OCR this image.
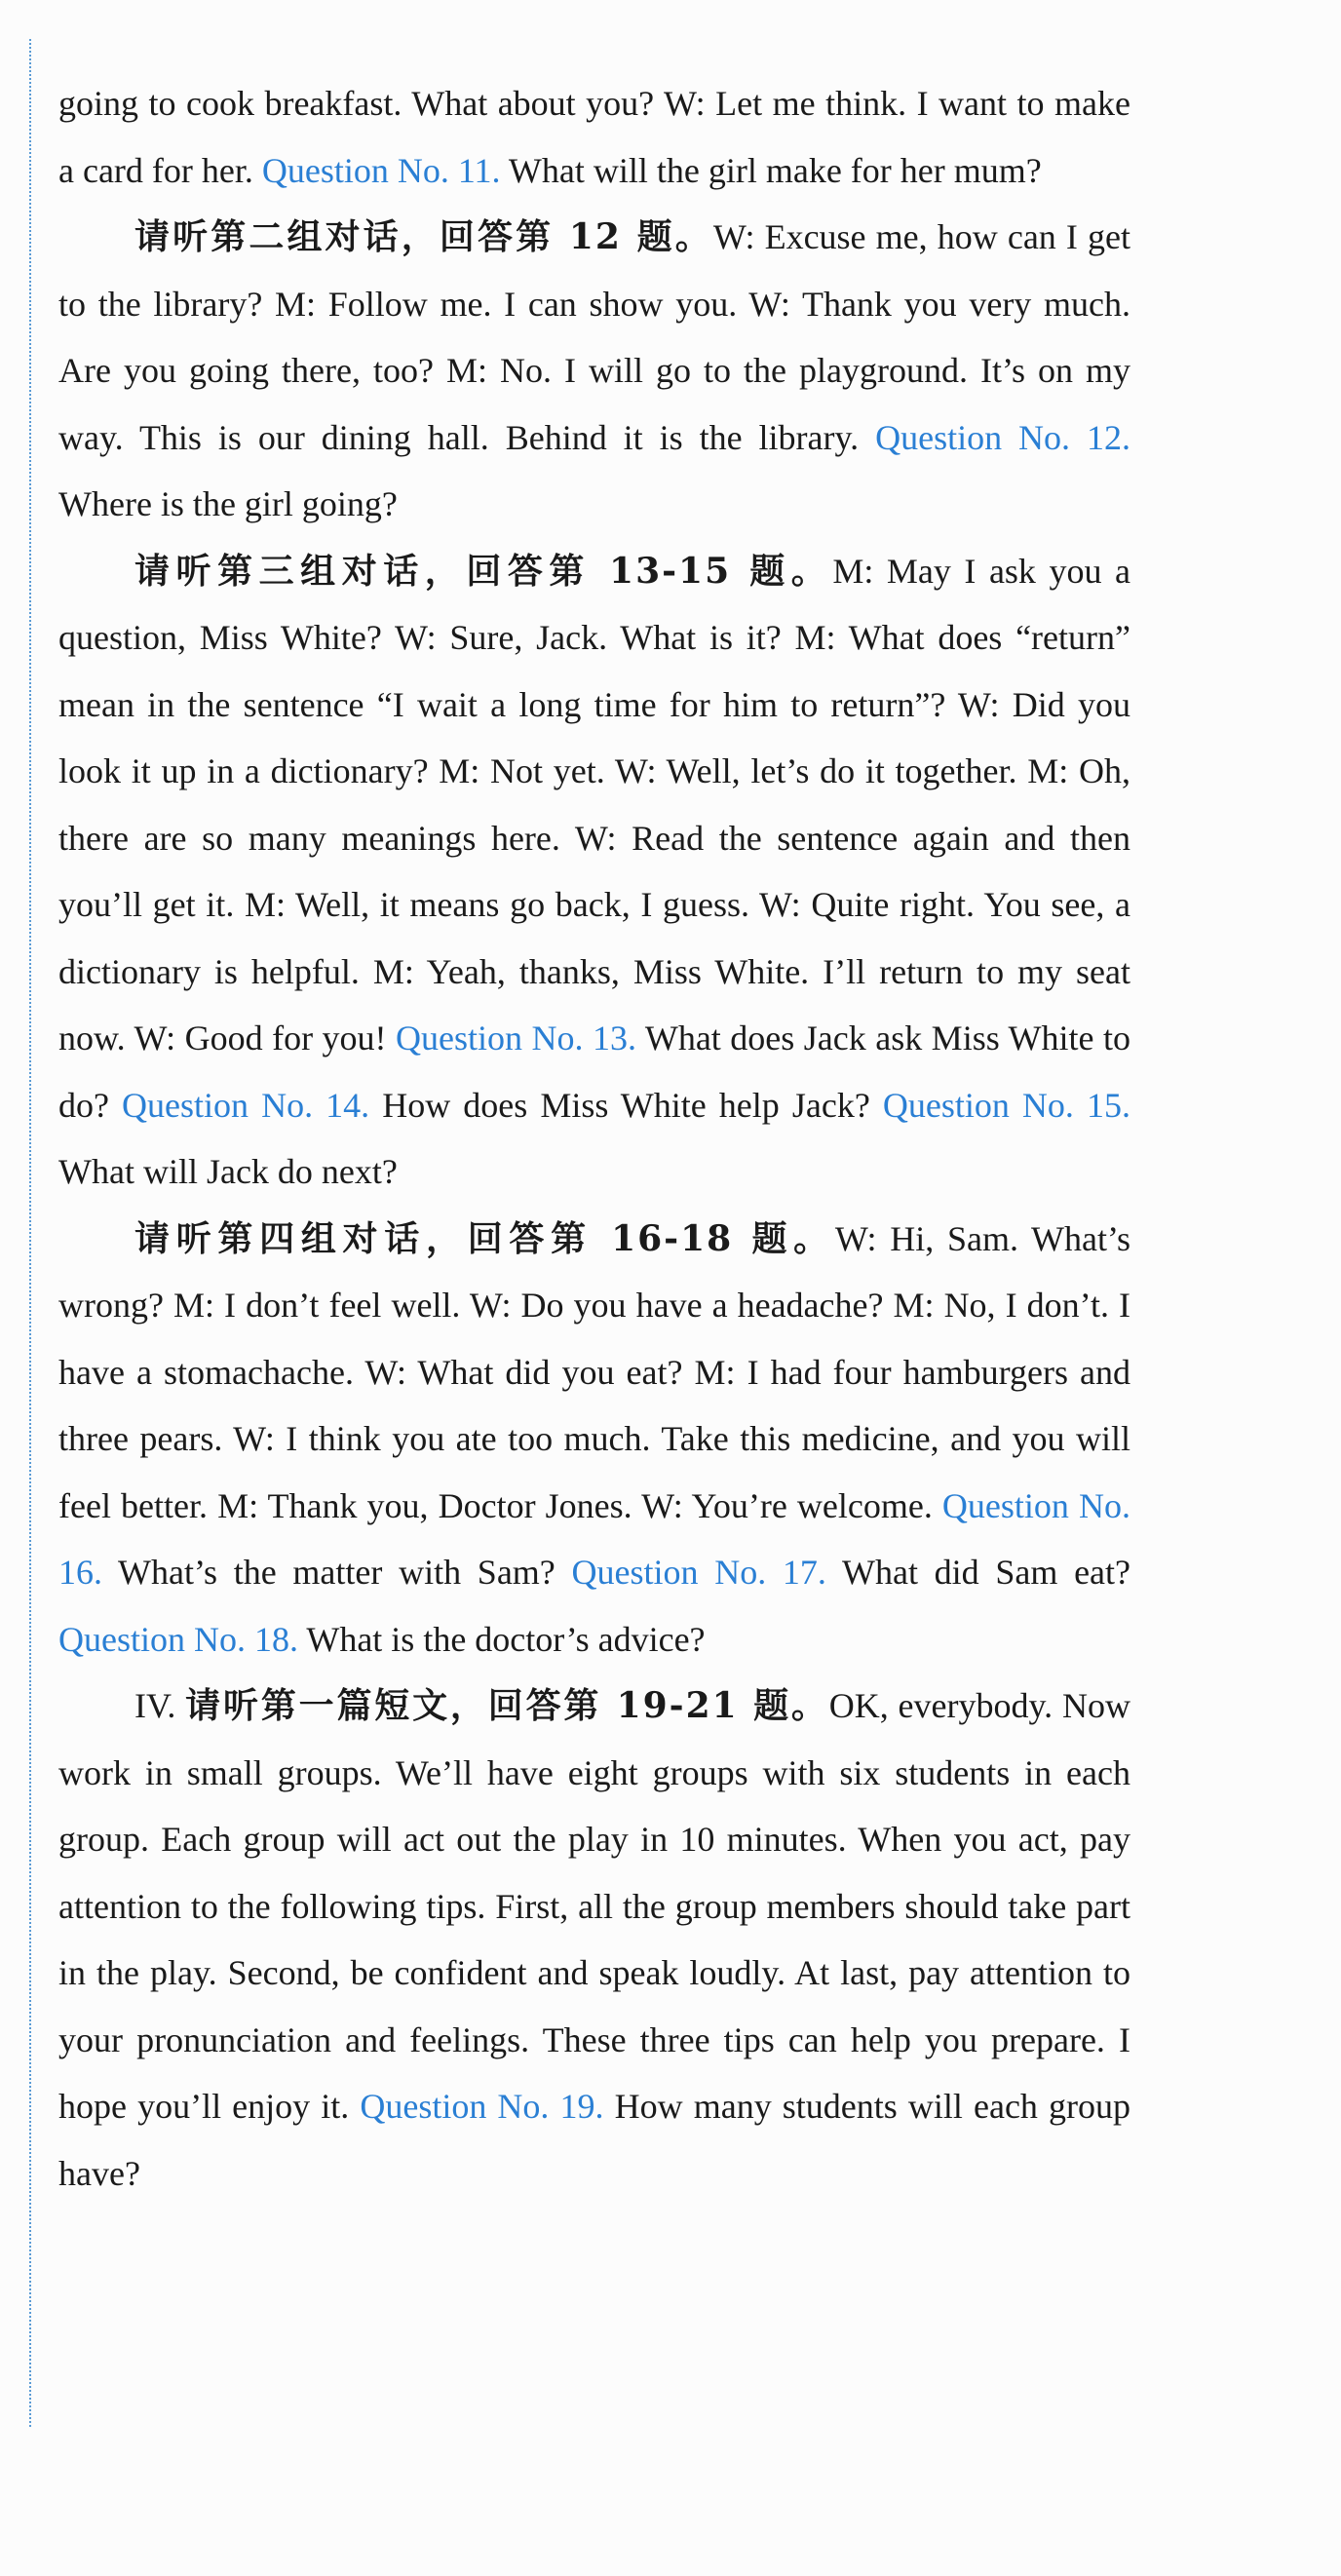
going to cook breakfast. What about you? W: Let me think. I want to make a card for her. Question No. 11. What will the girl make for her mum?

请听第二组对话，回答第 12 题。W: Excuse me, how can I get to the library? M: Follow me. I can show you. W: Thank you very much. Are you going there, too? M: No. I will go to the playground. It’s on my way. This is our dining hall. Behind it is the library. Question No. 12. Where is the girl going?

请听第三组对话，回答第 13-15 题。M: May I ask you a question, Miss White? W: Sure, Jack. What is it? M: What does “return” mean in the sentence “I wait a long time for him to return”? W: Did you look it up in a dictionary? M: Not yet. W: Well, let’s do it together. M: Oh, there are so many meanings here. W: Read the sentence again and then you’ll get it. M: Well, it means go back, I guess. W: Quite right. You see, a dictionary is helpful. M: Yeah, thanks, Miss White. I’ll return to my seat now. W: Good for you! Question No. 13. What does Jack ask Miss White to do? Question No. 14. How does Miss White help Jack? Question No. 15. What will Jack do next?

请听第四组对话，回答第 16-18 题。W: Hi, Sam. What’s wrong? M: I don’t feel well. W: Do you have a headache? M: No, I don’t. I have a stomachache. W: What did you eat? M: I had four hamburgers and three pears. W: I think you ate too much. Take this medicine, and you will feel better. M: Thank you, Doctor Jones. W: You’re welcome. Question No. 16. What’s the matter with Sam? Question No. 17. What did Sam eat? Question No. 18. What is the doctor’s advice?

IV. 请听第一篇短文，回答第 19-21 题。OK, everybody. Now work in small groups. We’ll have eight groups with six students in each group. Each group will act out the play in 10 minutes. When you act, pay attention to the following tips. First, all the group members should take part in the play. Second, be confident and speak loudly. At last, pay attention to your pronunciation and feelings. These three tips can help you prepare. I hope you’ll enjoy it. Question No. 19. How many students will each group have?
